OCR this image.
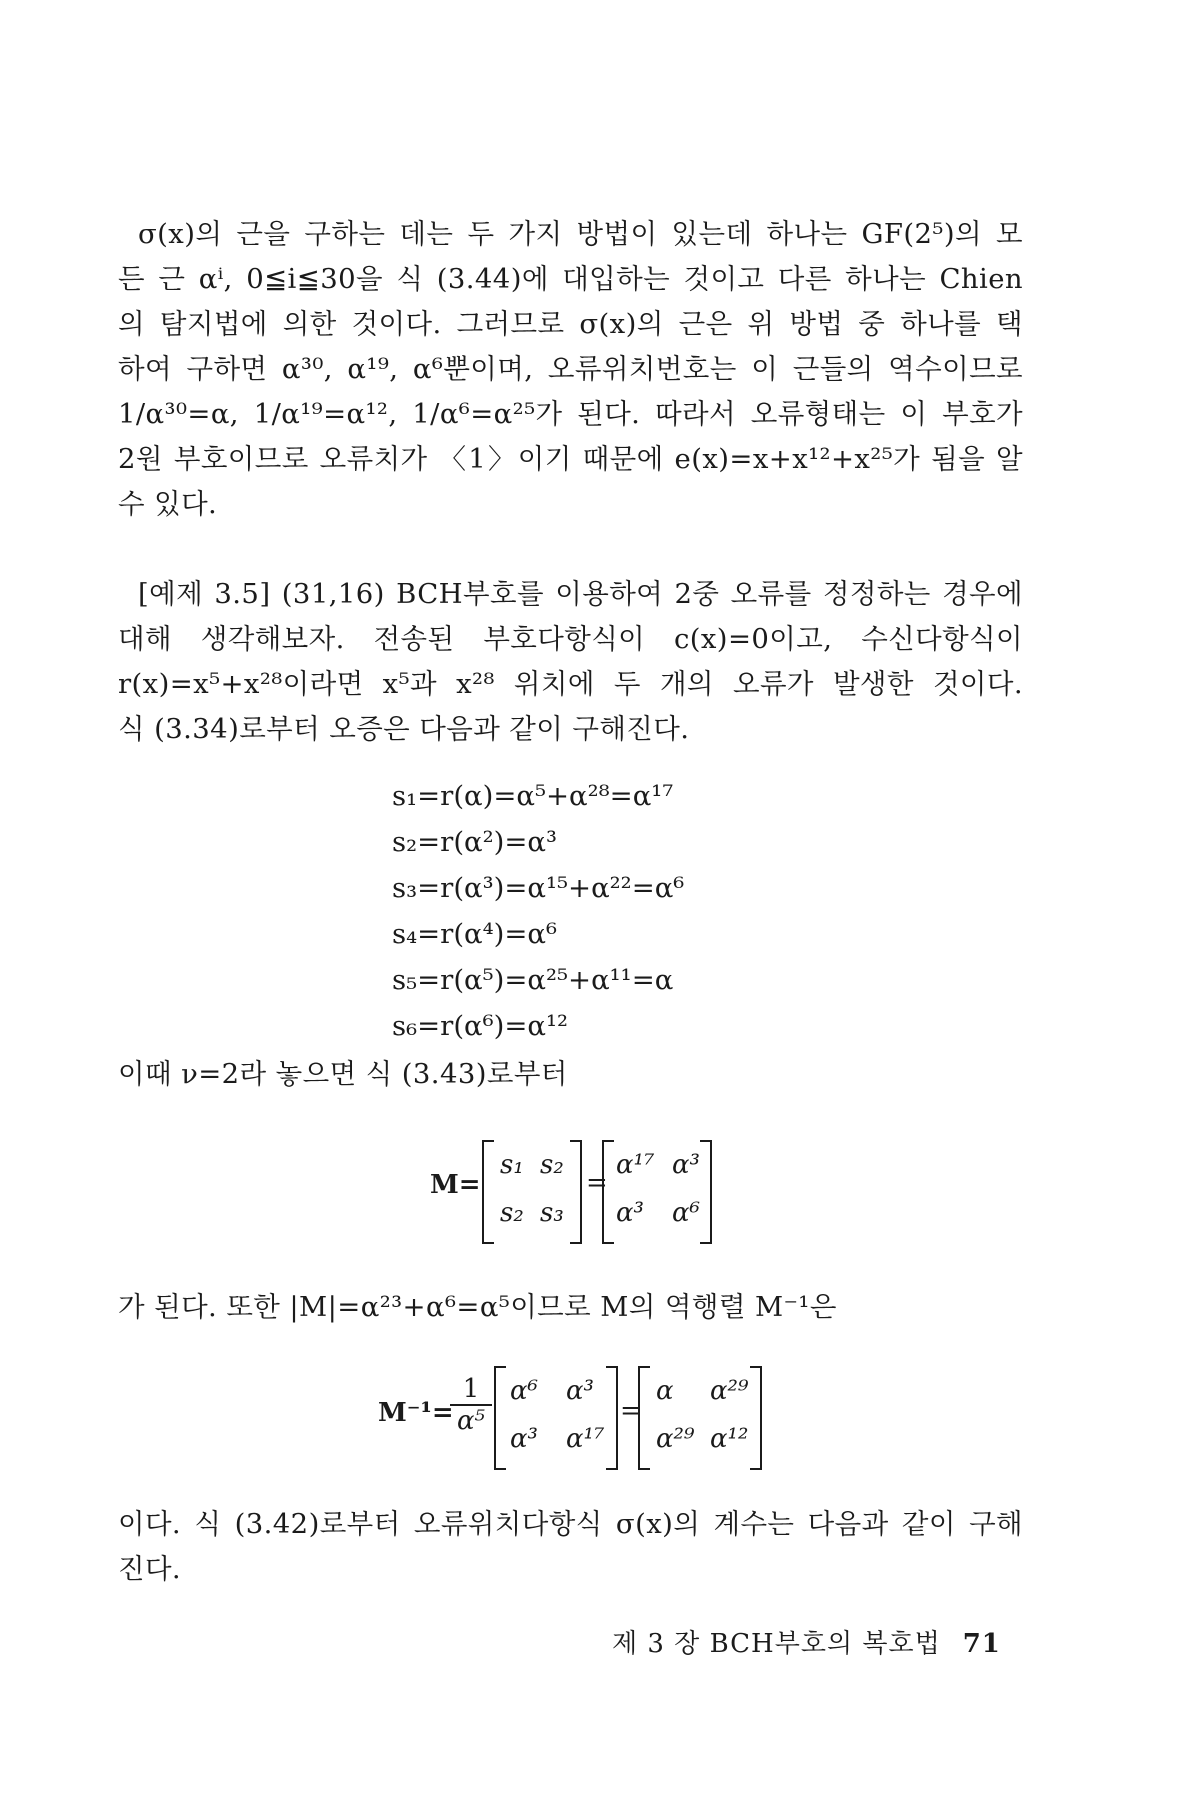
σ(x)의 근을 구하는 데는 두 가지 방법이 있는데 하나는 GF(2⁵)의 모
든 근 αⁱ, 0≦i≦30을 식 (3.44)에 대입하는 것이고 다른 하나는 Chien
의 탐지법에 의한 것이다. 그러므로 σ(x)의 근은 위 방법 중 하나를 택
하여 구하면 α³⁰, α¹⁹, α⁶뿐이며, 오류위치번호는 이 근들의 역수이므로
1/α³⁰=α, 1/α¹⁹=α¹², 1/α⁶=α²⁵가 된다. 따라서 오류형태는 이 부호가
2원 부호이므로 오류치가 〈1〉이기 때문에 e(x)=x+x¹²+x²⁵가 됨을 알
수 있다.
[예제 3.5] (31,16) BCH부호를 이용하여 2중 오류를 정정하는 경우에
대해 생각해보자. 전송된 부호다항식이 c(x)=0이고, 수신다항식이
r(x)=x⁵+x²⁸이라면 x⁵과 x²⁸ 위치에 두 개의 오류가 발생한 것이다.
식 (3.34)로부터 오증은 다음과 같이 구해진다.
s₁=r(α)=α⁵+α²⁸=α¹⁷
s₂=r(α²)=α³
s₃=r(α³)=α¹⁵+α²²=α⁶
s₄=r(α⁴)=α⁶
s₅=r(α⁵)=α²⁵+α¹¹=α
s₆=r(α⁶)=α¹²
이때 ν=2라 놓으면 식 (3.43)로부터
M=
s₁ s₂
s₂ s₃
=
α¹⁷ α³
α³ α⁶
가 된다. 또한 |M|=α²³+α⁶=α⁵이므로 M의 역행렬 M⁻¹은
M⁻¹=
$\frac{1}{\text{α⁵}} \alpha^6$ α³
α³ α¹⁷
=
α α²⁹
α²⁹ α¹²
이다. 식 (3.42)로부터 오류위치다항식 σ(x)의 계수는 다음과 같이 구해
진다.
제 3 장 BCH부호의 복호법 71
